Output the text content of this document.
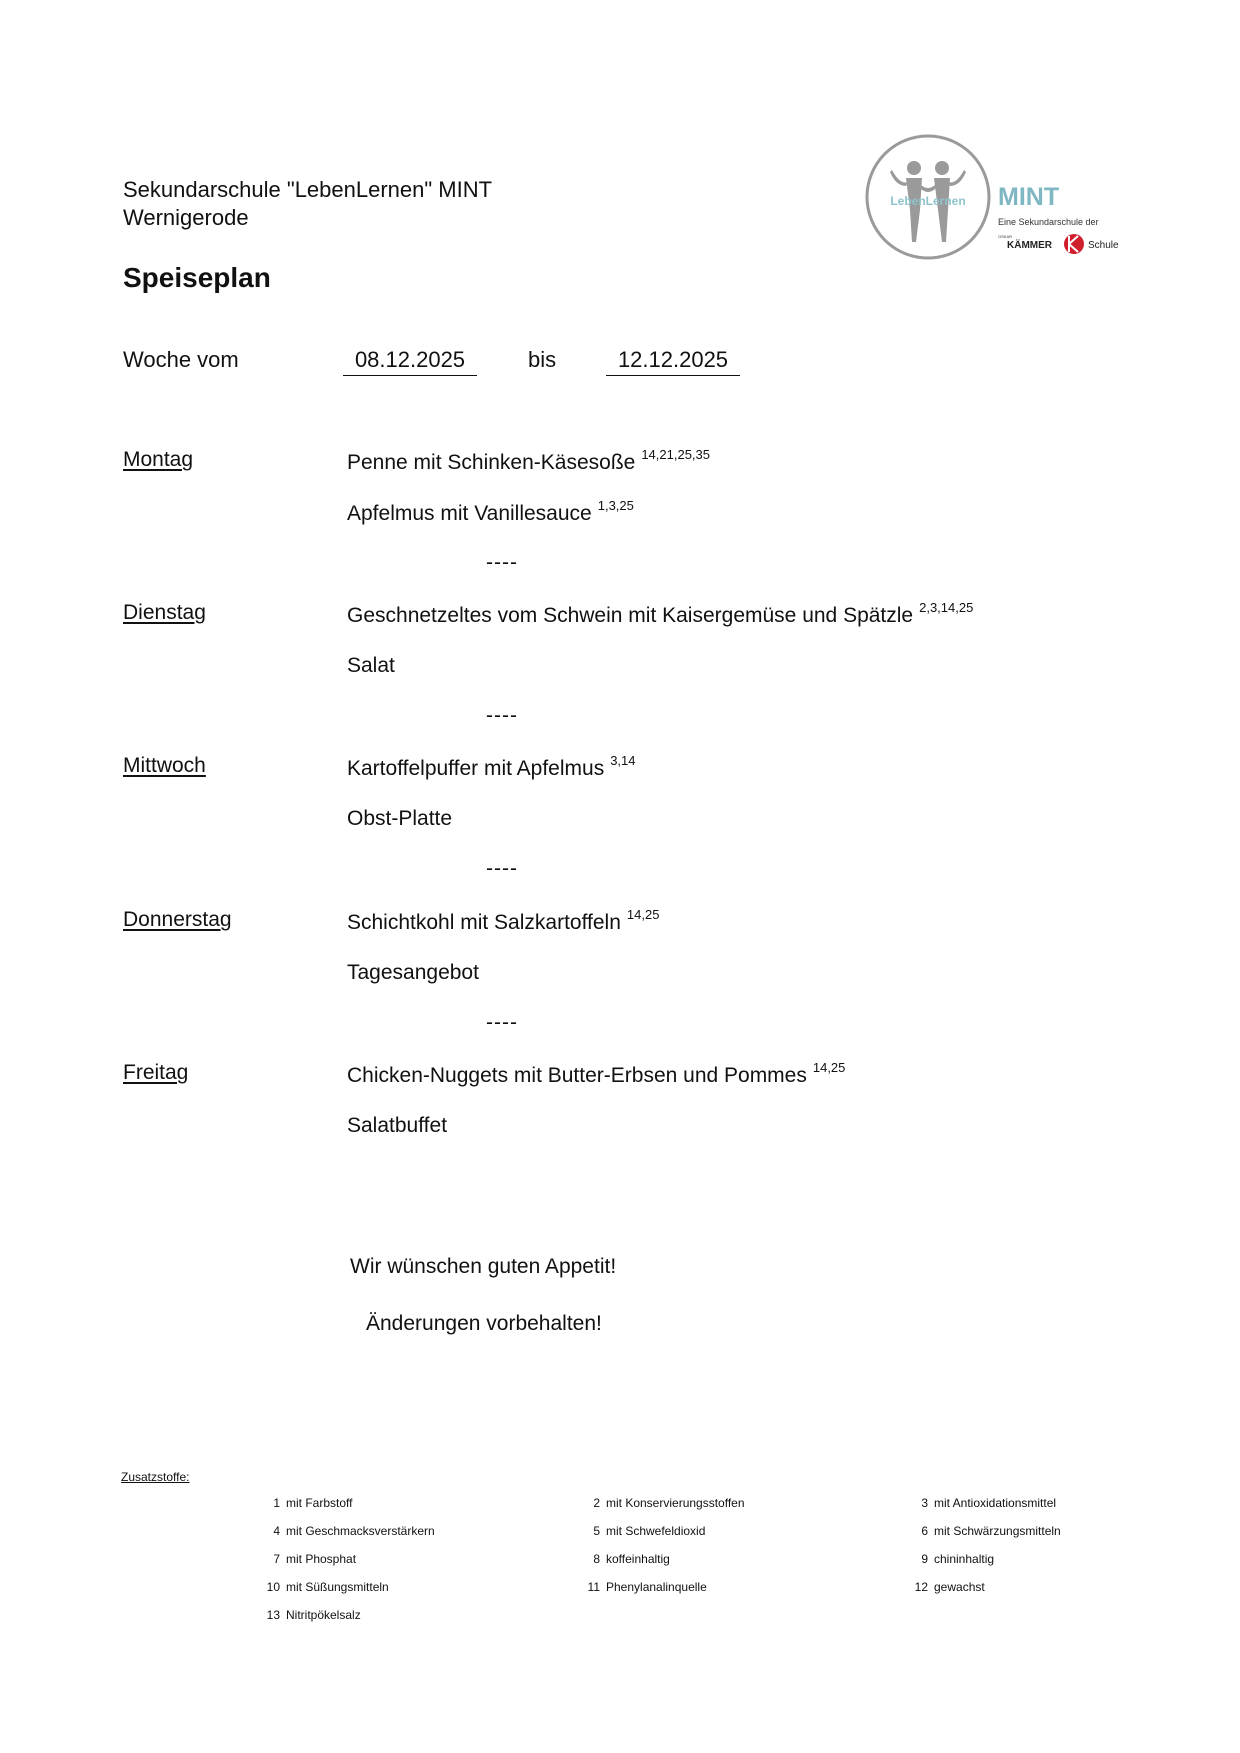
Sekundarschule "LebenLernen" MINT
Wernigerode
Speiseplan
LebenLernen MINT
Eine Sekundarschule der
OSKAR
KÄMMER	Schule
Woche vom	08.12.2025	bis	12.12.2025
Montag	Penne mit Schinken-Käsesoße $^{14,21,25,35}$
Apfelmus mit Vanillesauce $^{1,3,25}$
----
Dienstag	Geschnetzeltes vom Schwein mit Kaisergemüse und Spätzle $^{2,3,14,25}$
Salat
----
Mittwoch	Kartoffelpuffer mit Apfelmus $^{3,14}$
Obst-Platte
----
Donnerstag	Schichtkohl mit Salzkartoffeln $^{14,25}$
Tagesangebot
----
Freitag	Chicken-Nuggets mit Butter-Erbsen und Pommes $^{14,25}$
Salatbuffet
Wir wünschen guten Appetit!
Änderungen vorbehalten!
Zusatzstoffe:
1 mit Farbstoff	2 mit Konservierungsstoffen	3 mit Antioxidationsmittel
4 mit Geschmacksverstärkern	5 mit Schwefeldioxid	6 mit Schwärzungsmitteln
7 mit Phosphat	8 koffeinhaltig	9 chininhaltig
10 mit Süßungsmitteln	11 Phenylanalinquelle	12 gewachst
13 Nitritpökelsalz
